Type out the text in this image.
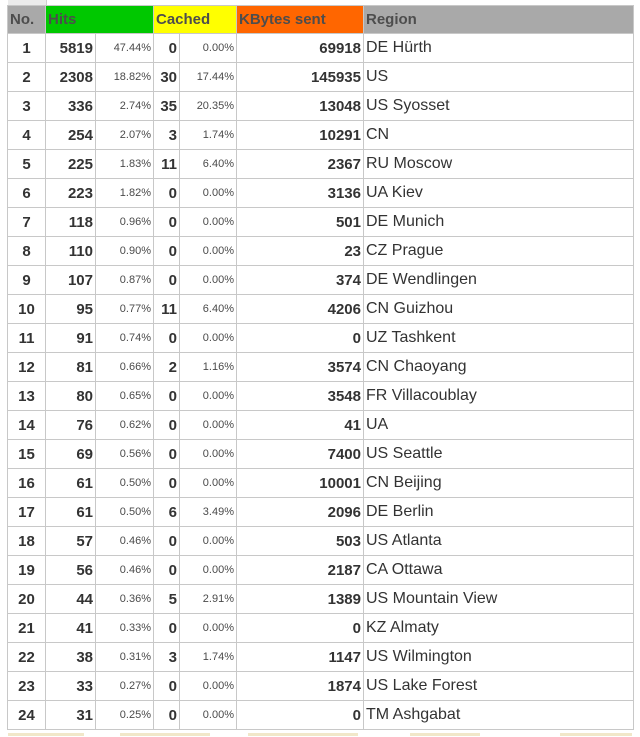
No.	Hits		Cached		KBytes sent	Region
1	5819	47.44%	0	0.00%	69918	DE Hürth
2	2308	18.82%	30	17.44%	145935	US
3	336	2.74%	35	20.35%	13048	US Syosset
4	254	2.07%	3	1.74%	10291	CN
5	225	1.83%	11	6.40%	2367	RU Moscow
6	223	1.82%	0	0.00%	3136	UA Kiev
7	118	0.96%	0	0.00%	501	DE Munich
8	110	0.90%	0	0.00%	23	CZ Prague
9	107	0.87%	0	0.00%	374	DE Wendlingen
10	95	0.77%	11	6.40%	4206	CN Guizhou
11	91	0.74%	0	0.00%	0	UZ Tashkent
12	81	0.66%	2	1.16%	3574	CN Chaoyang
13	80	0.65%	0	0.00%	3548	FR Villacoublay
14	76	0.62%	0	0.00%	41	UA
15	69	0.56%	0	0.00%	7400	US Seattle
16	61	0.50%	0	0.00%	10001	CN Beijing
17	61	0.50%	6	3.49%	2096	DE Berlin
18	57	0.46%	0	0.00%	503	US Atlanta
19	56	0.46%	0	0.00%	2187	CA Ottawa
20	44	0.36%	5	2.91%	1389	US Mountain View
21	41	0.33%	0	0.00%	0	KZ Almaty
22	38	0.31%	3	1.74%	1147	US Wilmington
23	33	0.27%	0	0.00%	1874	US Lake Forest
24	31	0.25%	0	0.00%	0	TM Ashgabat
